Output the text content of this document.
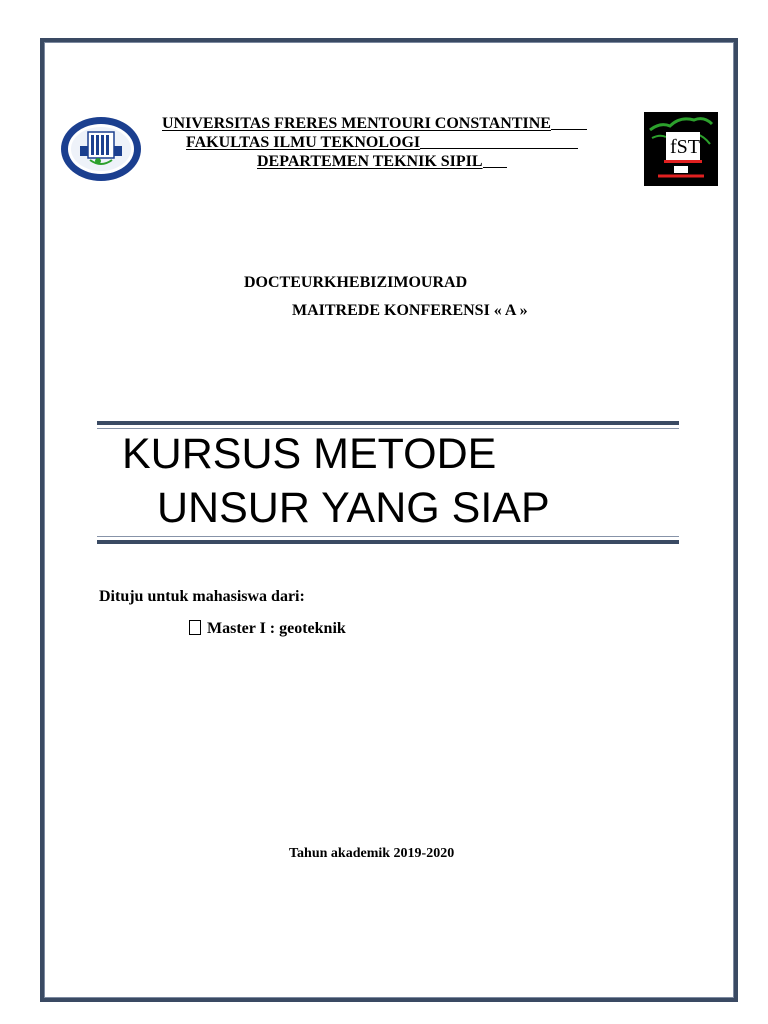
fST
UNIVERSITAS FRERES MENTOURI CONSTANTINE
FAKULTAS ILMU TEKNOLOGI
DEPARTEMEN TEKNIK SIPIL
DOCTEURKHEBIZIMOURAD
MAITREDE KONFERENSI « A »
KURSUS METODE
UNSUR YANG SIAP
Dituju untuk mahasiswa dari:
Master I : geoteknik
Tahun akademik 2019-2020
